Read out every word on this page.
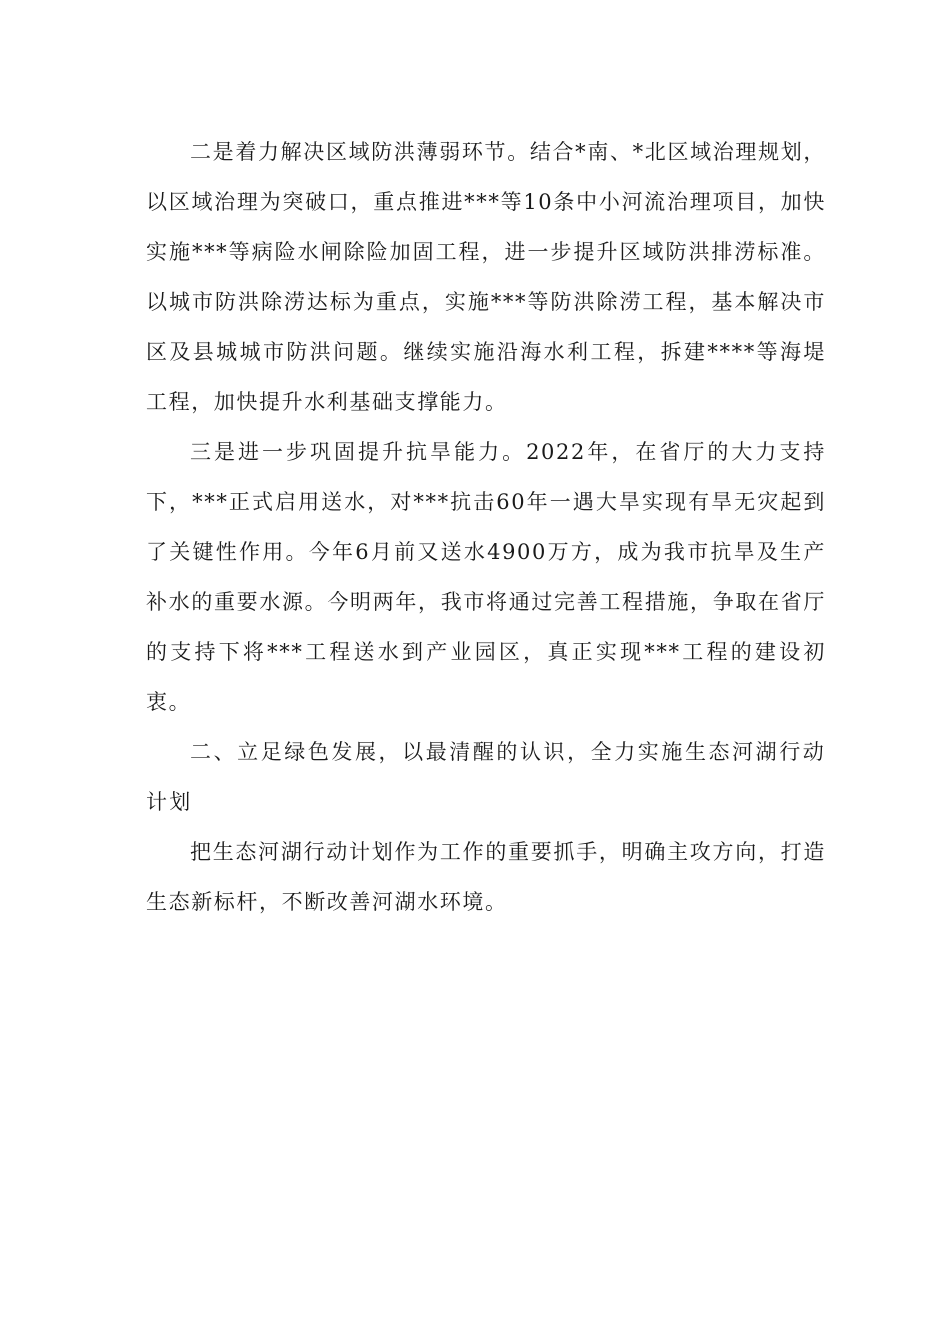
二是着力解决区域防洪薄弱环节。结合*南、*北区域治理规划，以区域治理为突破口，重点推进***等10条中小河流治理项目，加快实施***等病险水闸除险加固工程，进一步提升区域防洪排涝标准。以城市防洪除涝达标为重点，实施***等防洪除涝工程，基本解决市区及县城城市防洪问题。继续实施沿海水利工程，拆建****等海堤工程，加快提升水利基础支撑能力。

三是进一步巩固提升抗旱能力。2022年，在省厅的大力支持下，***正式启用送水，对***抗击60年一遇大旱实现有旱无灾起到了关键性作用。今年6月前又送水4900万方，成为我市抗旱及生产补水的重要水源。今明两年，我市将通过完善工程措施，争取在省厅的支持下将***工程送水到产业园区，真正实现***工程的建设初衷。

二、立足绿色发展，以最清醒的认识，全力实施生态河湖行动计划

把生态河湖行动计划作为工作的重要抓手，明确主攻方向，打造生态新标杆，不断改善河湖水环境。
